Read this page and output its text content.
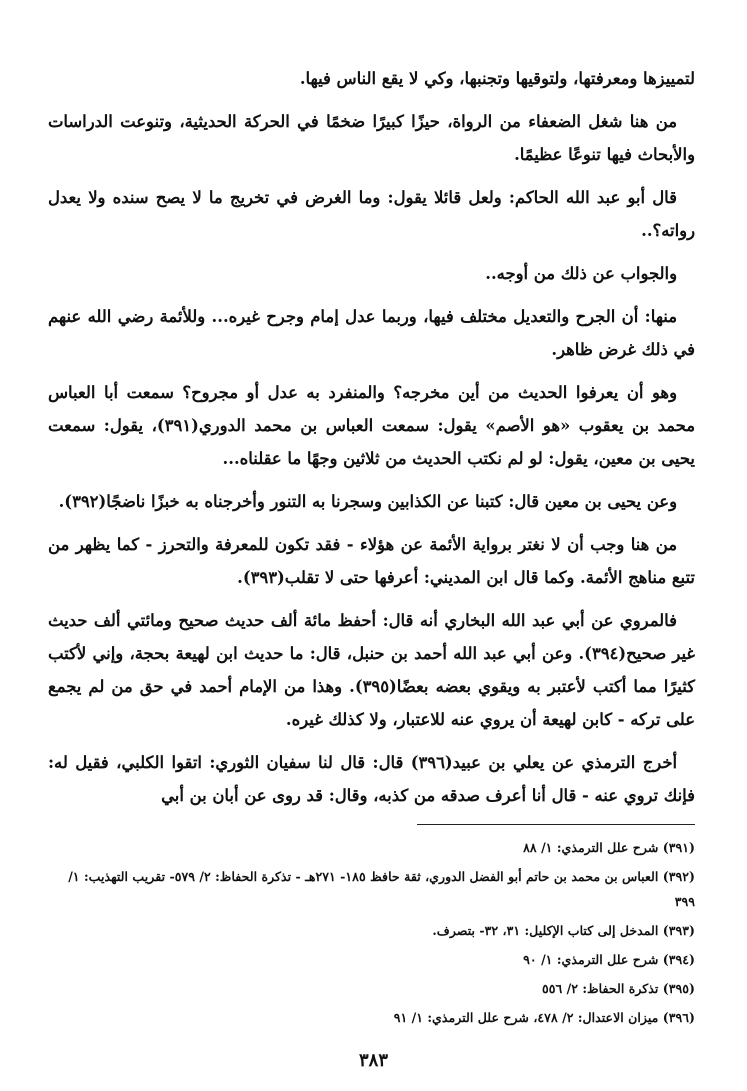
لتمييزها ومعرفتها، ولتوقيها وتجنبها، وكي لا يقع الناس فيها.

من هنا شغل الضعفاء من الرواة، حيزًا كبيرًا ضخمًا في الحركة الحديثية، وتنوعت الدراسات والأبحاث فيها تنوعًا عظيمًا.

قال أبو عبد الله الحاكم: ولعل قائلا يقول: وما الغرض في تخريج ما لا يصح سنده ولا يعدل رواته؟..

والجواب عن ذلك من أوجه..

منها: أن الجرح والتعديل مختلف فيها، وربما عدل إمام وجرح غيره... وللأئمة رضي الله عنهم في ذلك غرض ظاهر.

وهو أن يعرفوا الحديث من أين مخرجه؟ والمنفرد به عدل أو مجروح؟ سمعت أبا العباس محمد بن يعقوب «هو الأصم» يقول: سمعت العباس بن محمد الدوري(٣٩١)، يقول: سمعت يحيى بن معين، يقول: لو لم نكتب الحديث من ثلاثين وجهًا ما عقلناه...

وعن يحيى بن معين قال: كتبنا عن الكذابين وسجرنا به التنور وأخرجناه به خبزًا ناضجًا(٣٩٢).

من هنا وجب أن لا نغتر برواية الأئمة عن هؤلاء - فقد تكون للمعرفة والتحرز - كما يظهر من تتبع مناهج الأئمة. وكما قال ابن المديني: أعرفها حتى لا تقلب(٣٩٣).

فالمروي عن أبي عبد الله البخاري أنه قال: أحفظ مائة ألف حديث صحيح ومائتي ألف حديث غير صحيح(٣٩٤). وعن أبي عبد الله أحمد بن حنبل، قال: ما حديث ابن لهيعة بحجة، وإني لأكتب كثيرًا مما أكتب لأعتبر به ويقوي بعضه بعضًا(٣٩٥). وهذا من الإمام أحمد في حق من لم يجمع على تركه - كابن لهيعة أن يروي عنه للاعتبار، ولا كذلك غيره.

أخرج الترمذي عن يعلي بن عبيد(٣٩٦) قال: قال لنا سفيان الثوري: اتقوا الكلبي، فقيل له: فإنك تروي عنه - قال أنا أعرف صدقه من كذبه، وقال: قد روى عن أبان بن أبي

(٣٩١) شرح علل الترمذي: ١/ ٨٨

(٣٩٢) العباس بن محمد بن حاتم أبو الفضل الدوري، ثقة حافظ ١٨٥- ٢٧١هـ - تذكرة الحفاظ: ٢/ ٥٧٩- تقريب التهذيب: ١/ ٣٩٩

(٣٩٣) المدخل إلى كتاب الإكليل: ٣١، ٣٢- بتصرف.

(٣٩٤) شرح علل الترمذي: ١/ ٩٠

(٣٩٥) تذكرة الحفاظ: ٢/ ٥٥٦

(٣٩٦) ميزان الاعتدال: ٢/ ٤٧٨، شرح علل الترمذي: ١/ ٩١

٣٨٣
